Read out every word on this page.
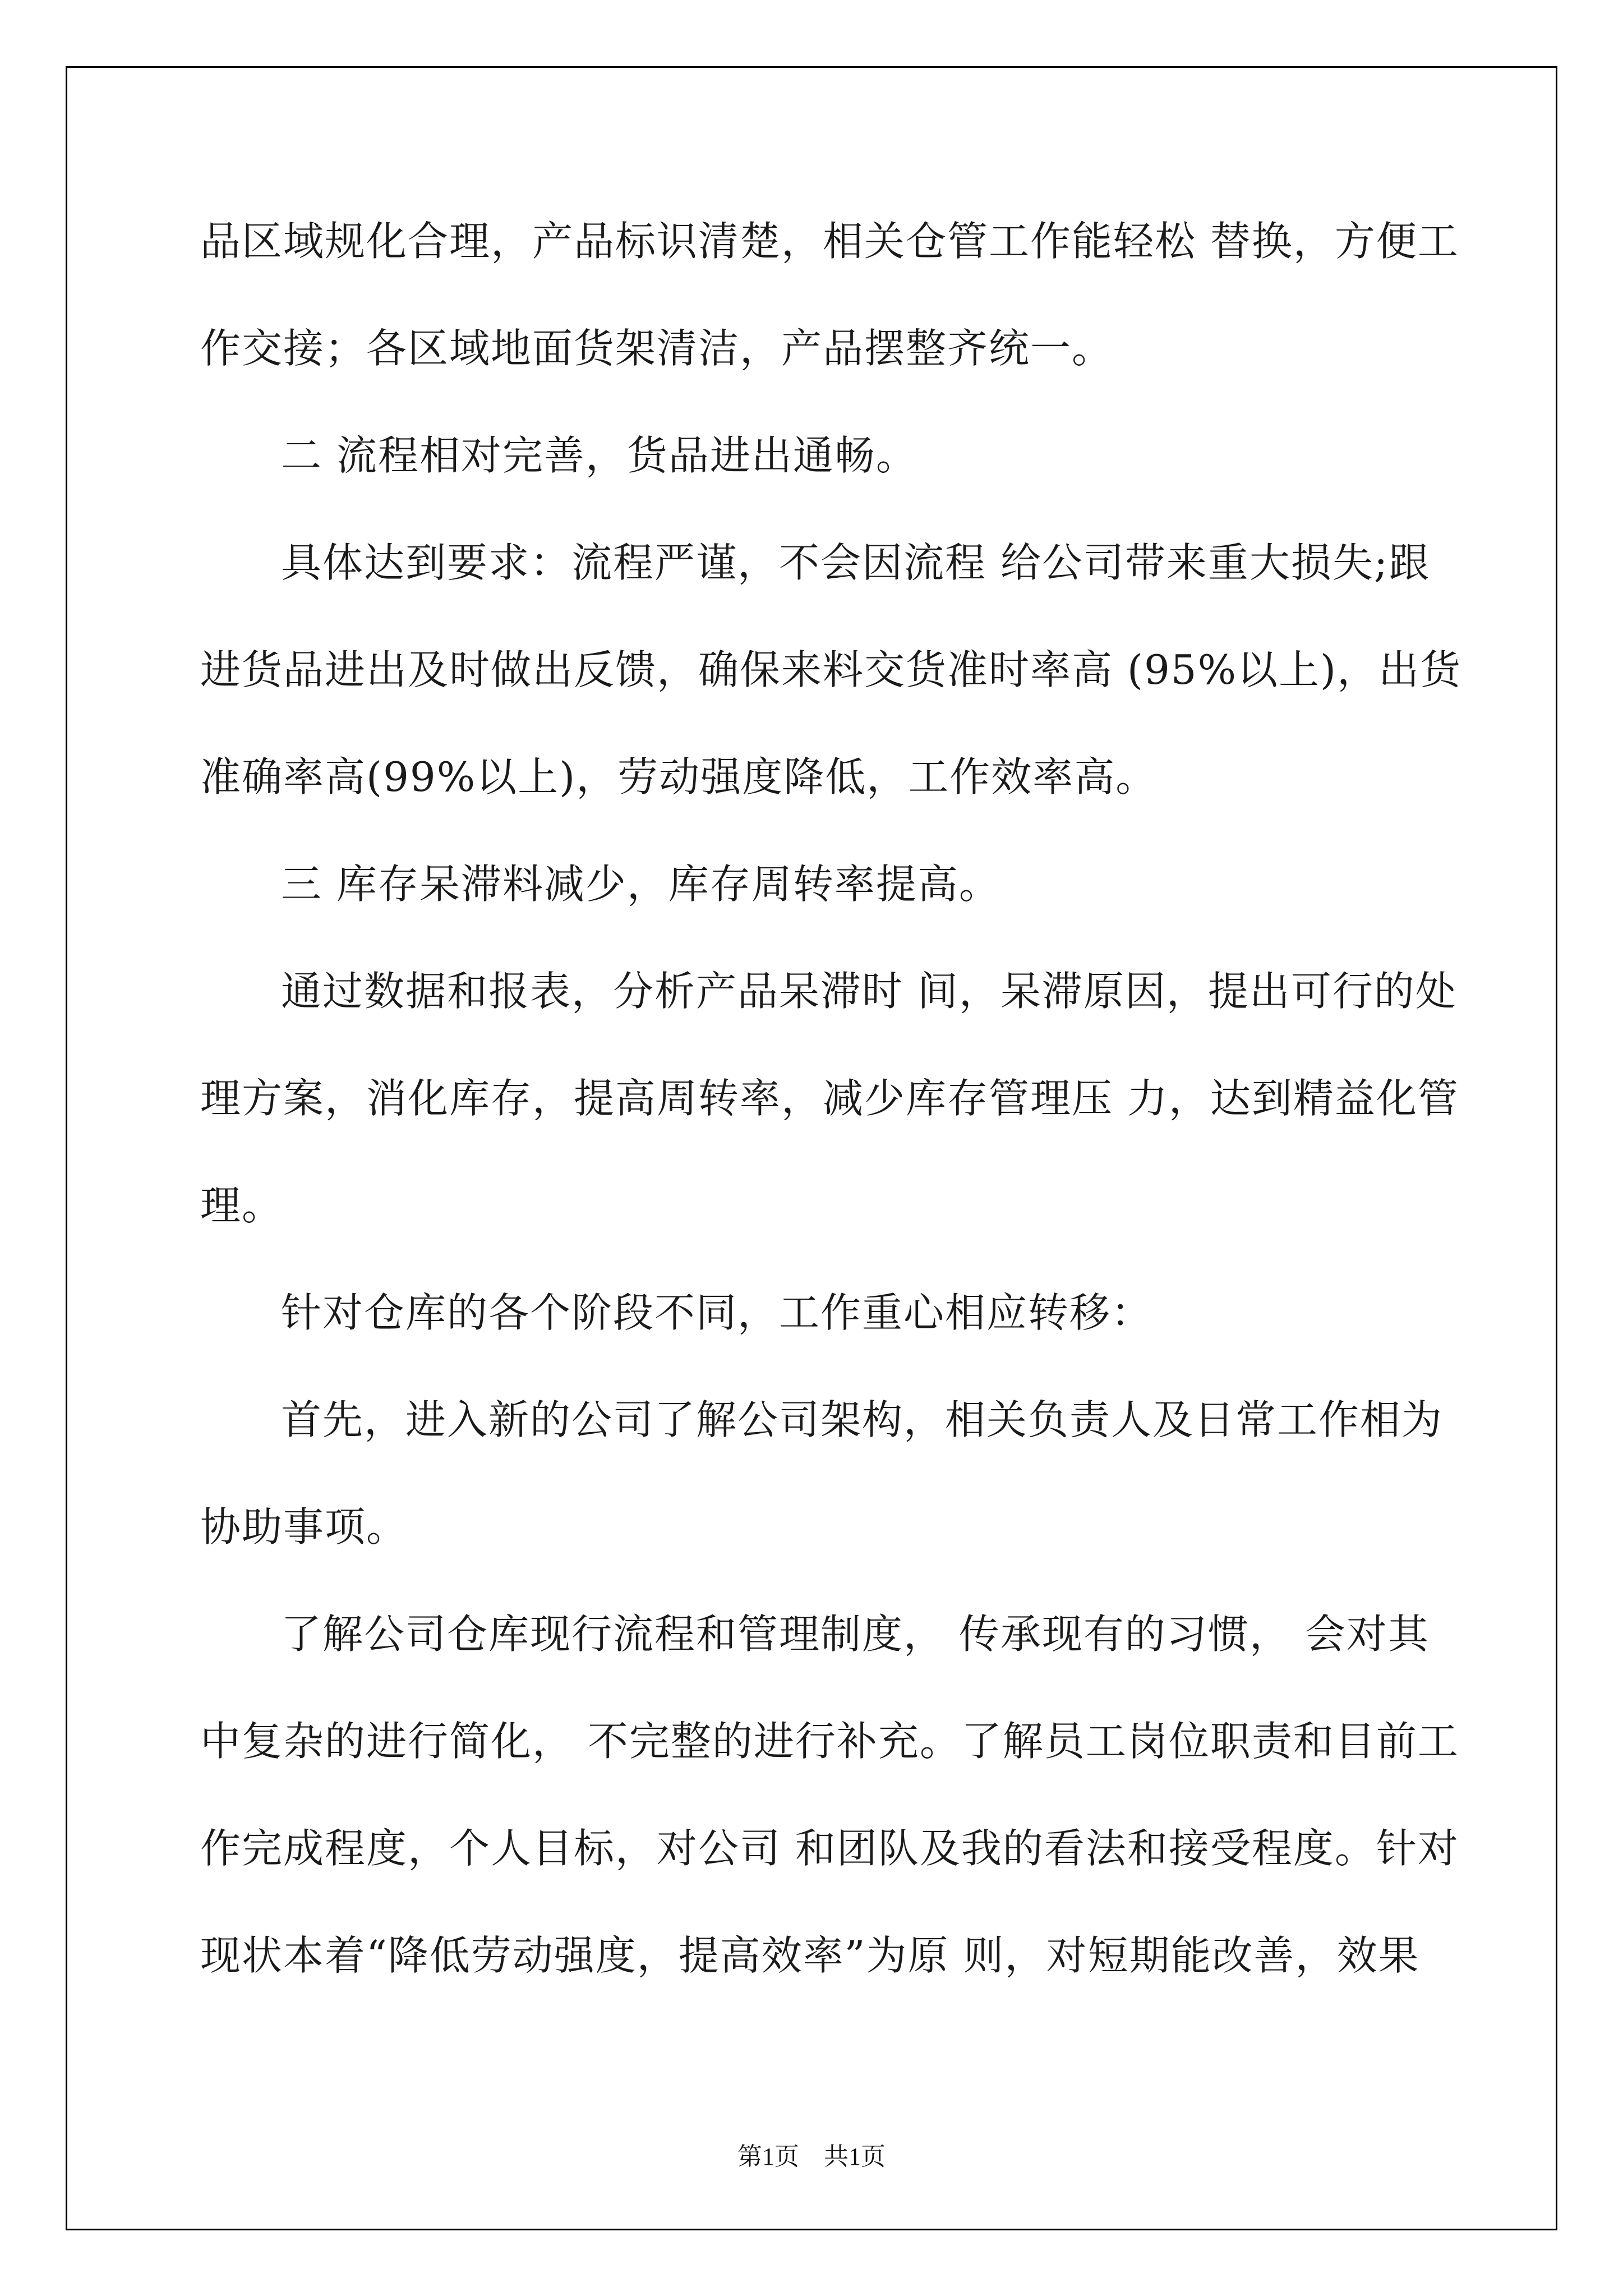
品区域规化合理，产品标识清楚，相关仓管工作能轻松 替换，方便工
作交接；各区域地面货架清洁，产品摆整齐统一。
二 流程相对完善，货品进出通畅。
具体达到要求：流程严谨，不会因流程 给公司带来重大损失;跟
进货品进出及时做出反馈，确保来料交货准时率高 (95%以上)，出货
准确率高(99%以上)，劳动强度降低，工作效率高。
三 库存呆滞料减少，库存周转率提高。
通过数据和报表，分析产品呆滞时 间，呆滞原因，提出可行的处
理方案，消化库存，提高周转率，减少库存管理压 力，达到精益化管
理。
针对仓库的各个阶段不同，工作重心相应转移：
首先，进入新的公司了解公司架构，相关负责人及日常工作相为
协助事项。
了解公司仓库现行流程和管理制度， 传承现有的习惯， 会对其
中复杂的进行简化， 不完整的进行补充。了解员工岗位职责和目前工
作完成程度，个人目标，对公司 和团队及我的看法和接受程度。针对
现状本着“降低劳动强度，提高效率”为原 则，对短期能改善，效果
第1页　共1页
